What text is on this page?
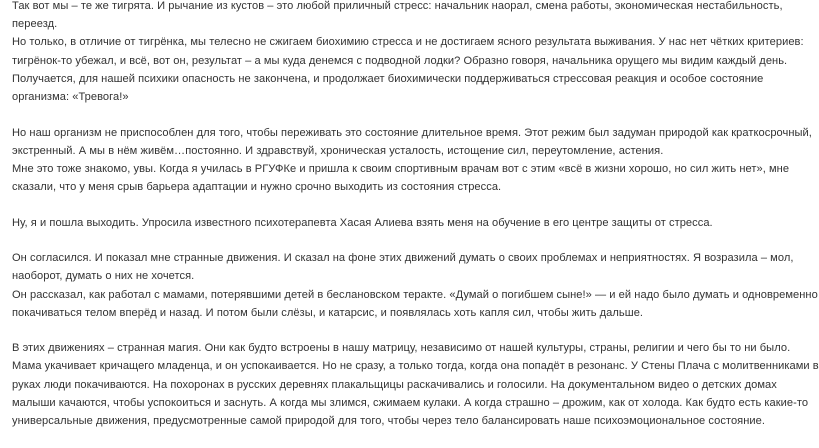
Так вот мы – те же тигрята. И рычание из кустов – это любой приличный стресс: начальник наорал, смена работы, экономическая нестабильность,
переезд.
Но только, в отличие от тигрёнка, мы телесно не сжигаем биохимию стресса и не достигаем ясного результата выживания. У нас нет чётких критериев:
тигрёнок-то убежал, и всё, вот он, результат – а мы куда денемся с подводной лодки? Образно говоря, начальника орущего мы видим каждый день.
Получается, для нашей психики опасность не закончена, и продолжает биохимически поддерживаться стрессовая реакция и особое состояние
организма: «Тревога!»
Но наш организм не приспособлен для того, чтобы переживать это состояние длительное время. Этот режим был задуман природой как краткосрочный,
экстренный. А мы в нём живём…постоянно. И здравствуй, хроническая усталость, истощение сил, переутомление, астения.
Мне это тоже знакомо, увы. Когда я училась в РГУФКе и пришла к своим спортивным врачам вот с этим «всё в жизни хорошо, но сил жить нет», мне
сказали, что у меня срыв барьера адаптации и нужно срочно выходить из состояния стресса.
Ну, я и пошла выходить. Упросила известного психотерапевта Хасая Алиева взять меня на обучение в его центре защиты от стресса.
Он согласился. И показал мне странные движения. И сказал на фоне этих движений думать о своих проблемах и неприятностях. Я возразила – мол,
наоборот, думать о них не хочется.
Он рассказал, как работал с мамами, потерявшими детей в беслановском теракте. «Думай о погибшем сыне!» — и ей надо было думать и одновременно
покачиваться телом вперёд и назад. И потом были слёзы, и катарсис, и появлялась хоть капля сил, чтобы жить дальше.
В этих движениях – странная магия. Они как будто встроены в нашу матрицу, независимо от нашей культуры, страны, религии и чего бы то ни было.
Мама укачивает кричащего младенца, и он успокаивается. Но не сразу, а только тогда, когда она попадёт в резонанс. У Стены Плача с молитвенниками в
руках люди покачиваются. На похоронах в русских деревнях плакальщицы раскачивались и голосили. На документальном видео о детских домах
малыши качаются, чтобы успокоиться и заснуть. А когда мы злимся, сжимаем кулаки. А когда страшно – дрожим, как от холода. Как будто есть какие-то
универсальные движения, предусмотренные самой природой для того, чтобы через тело балансировать наше психоэмоциональное состояние.
